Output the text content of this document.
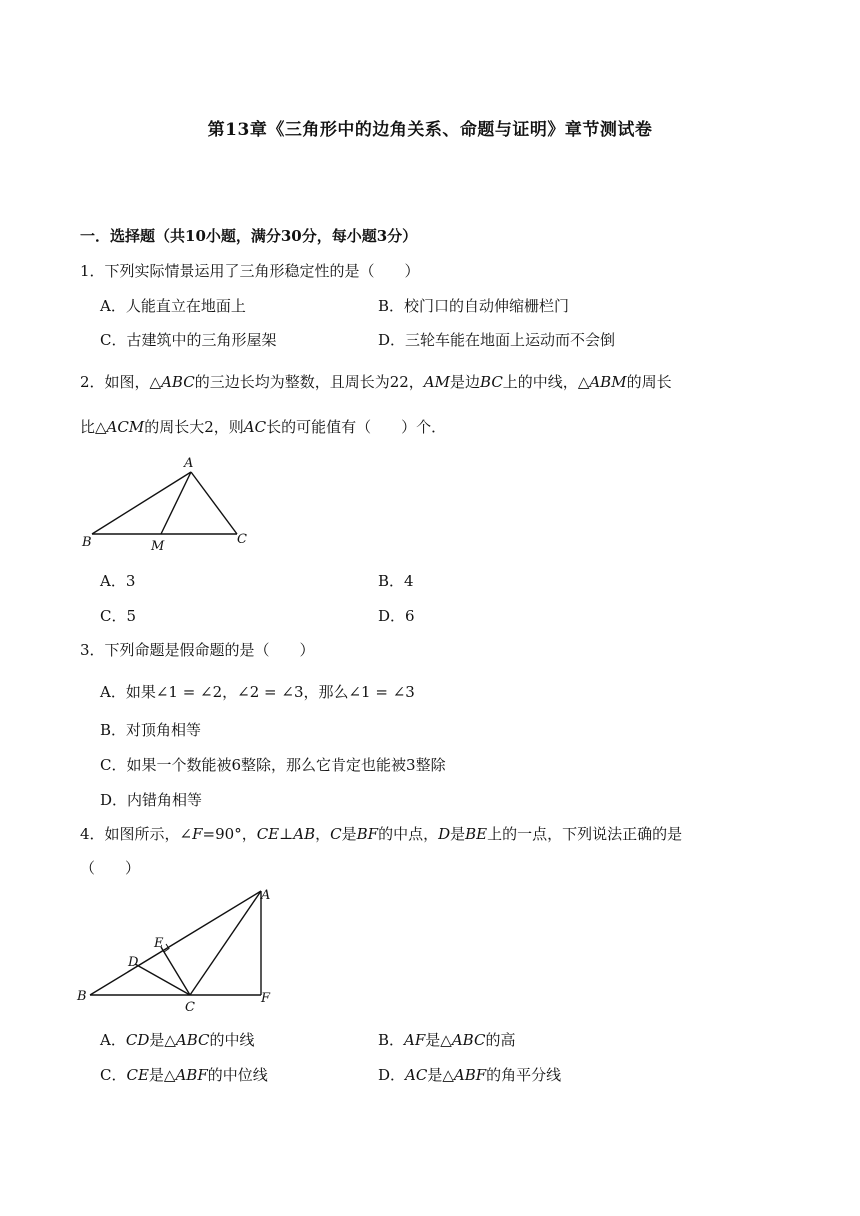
第13章《三角形中的边角关系、命题与证明》章节测试卷
一．选择题（共10小题，满分30分，每小题3分）
1．下列实际情景运用了三角形稳定性的是（　　）
A．人能直立在地面上	B．校门口的自动伸缩栅栏门
C．古建筑中的三角形屋架	D．三轮车能在地面上运动而不会倒
2．如图，△ABC的三边长均为整数，且周长为22，AM是边BC上的中线，△ABM的周长
比△ACM的周长大2，则AC长的可能值有（　　）个．
A
B	M	C
A．3	B．4
C．5	D．6
3．下列命题是假命题的是（　　）
A．如果∠1 = ∠2，∠2 = ∠3，那么∠1 = ∠3
B．对顶角相等
C．如果一个数能被6整除，那么它肯定也能被3整除
D．内错角相等
4．如图所示，∠F=90°，CE⊥AB，C是BF的中点，D是BE上的一点，下列说法正确的是
（　　）
A
E
D
B
C
F
A．CD是△ABC的中线	B．AF是△ABC的高
C．CE是△ABF的中位线	D．AC是△ABF的角平分线
